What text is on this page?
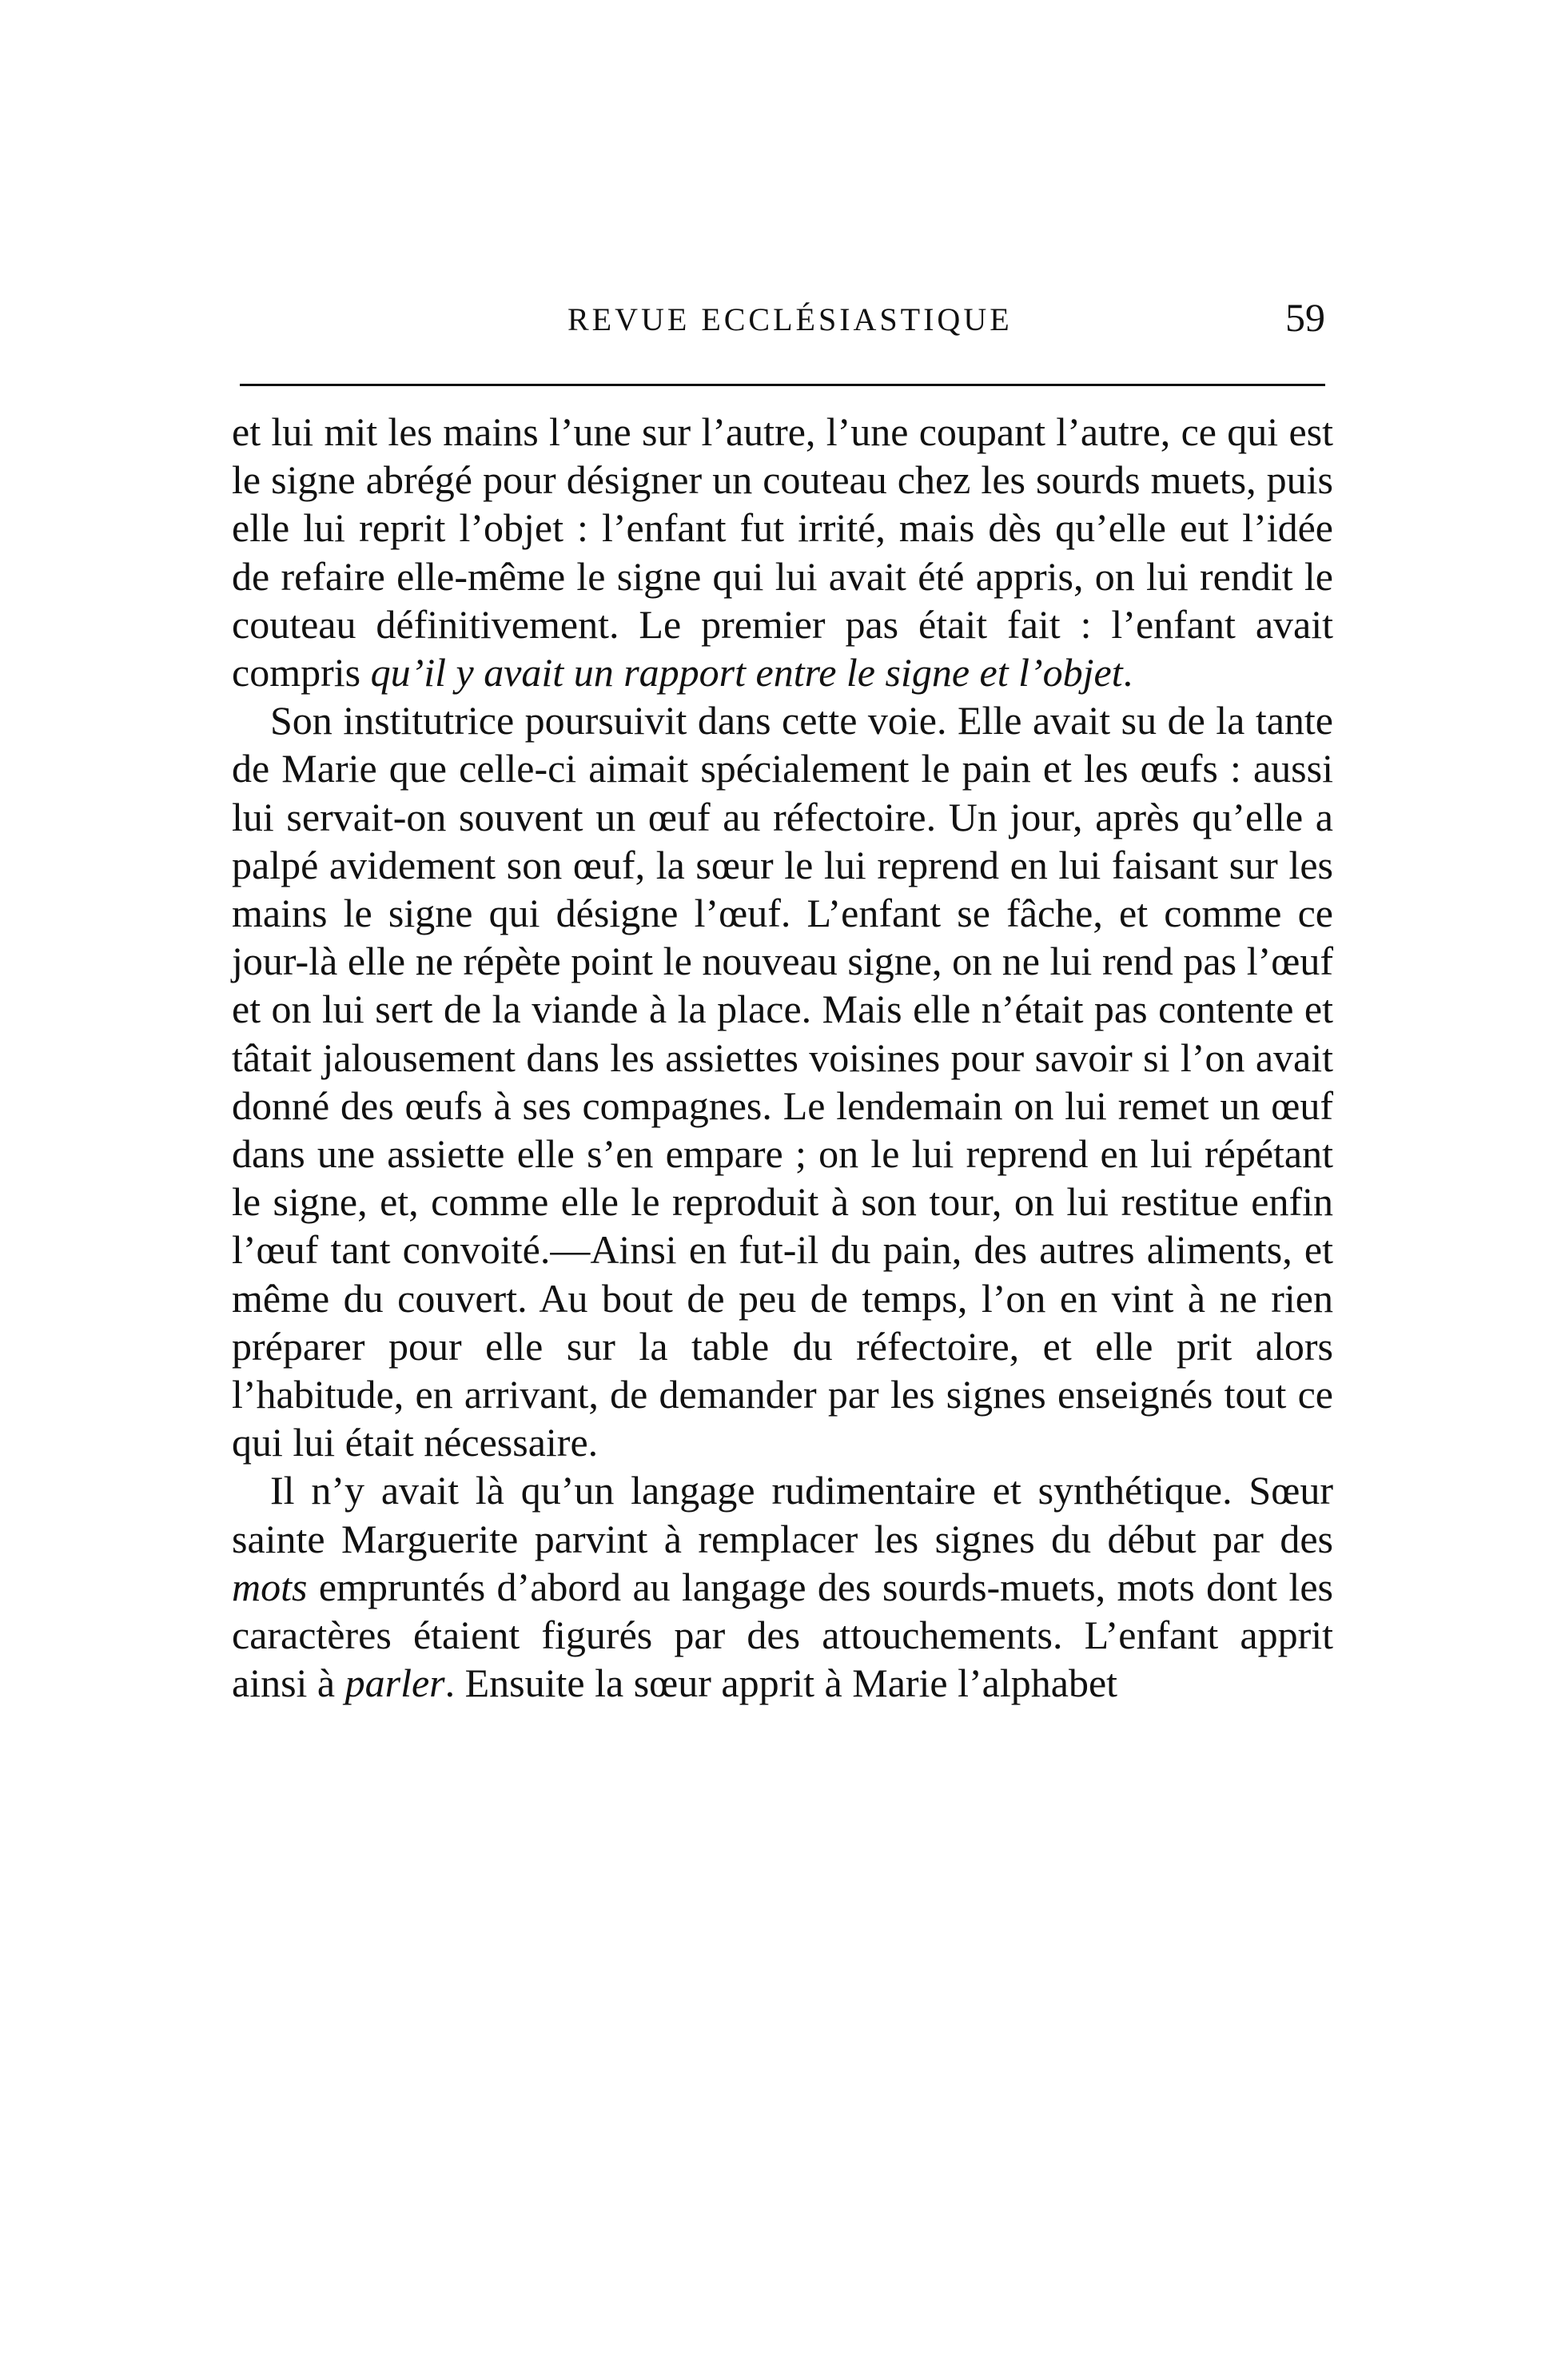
REVUE ECCLÉSIASTIQUE	59

et lui mit les mains l’une sur l’autre, l’une coupant l’autre, ce qui est le signe abrégé pour désigner un couteau chez les sourds muets, puis elle lui reprit l’objet : l’enfant fut irrité, mais dès qu’elle eut l’idée de refaire elle-même le signe qui lui avait été appris, on lui rendit le couteau définitivement. Le premier pas était fait : l’enfant avait compris qu’il y avait un rapport entre le signe et l’objet.

Son institutrice poursuivit dans cette voie. Elle avait su de la tante de Marie que celle-ci aimait spécialement le pain et les œufs : aussi lui servait-on souvent un œuf au réfectoire. Un jour, après qu’elle a palpé avidement son œuf, la sœur le lui reprend en lui faisant sur les mains le signe qui désigne l’œuf. L’enfant se fâche, et comme ce jour-là elle ne répète point le nouveau signe, on ne lui rend pas l’œuf et on lui sert de la viande à la place. Mais elle n’était pas contente et tâtait jalousement dans les assiettes voisines pour savoir si l’on avait donné des œufs à ses compagnes. Le lendemain on lui remet un œuf dans une assiette elle s’en empare ; on le lui reprend en lui répétant le signe, et, comme elle le reproduit à son tour, on lui restitue enfin l’œuf tant convoité.—Ainsi en fut-il du pain, des autres aliments, et même du couvert. Au bout de peu de temps, l’on en vint à ne rien préparer pour elle sur la table du réfectoire, et elle prit alors l’habitude, en arrivant, de demander par les signes enseignés tout ce qui lui était nécessaire.

Il n’y avait là qu’un langage rudimentaire et synthétique. Sœur sainte Marguerite parvint à remplacer les signes du début par des mots empruntés d’abord au langage des sourds-muets, mots dont les caractères étaient figurés par des attouchements. L’enfant apprit ainsi à parler. Ensuite la sœur apprit à Marie l’alphabet
